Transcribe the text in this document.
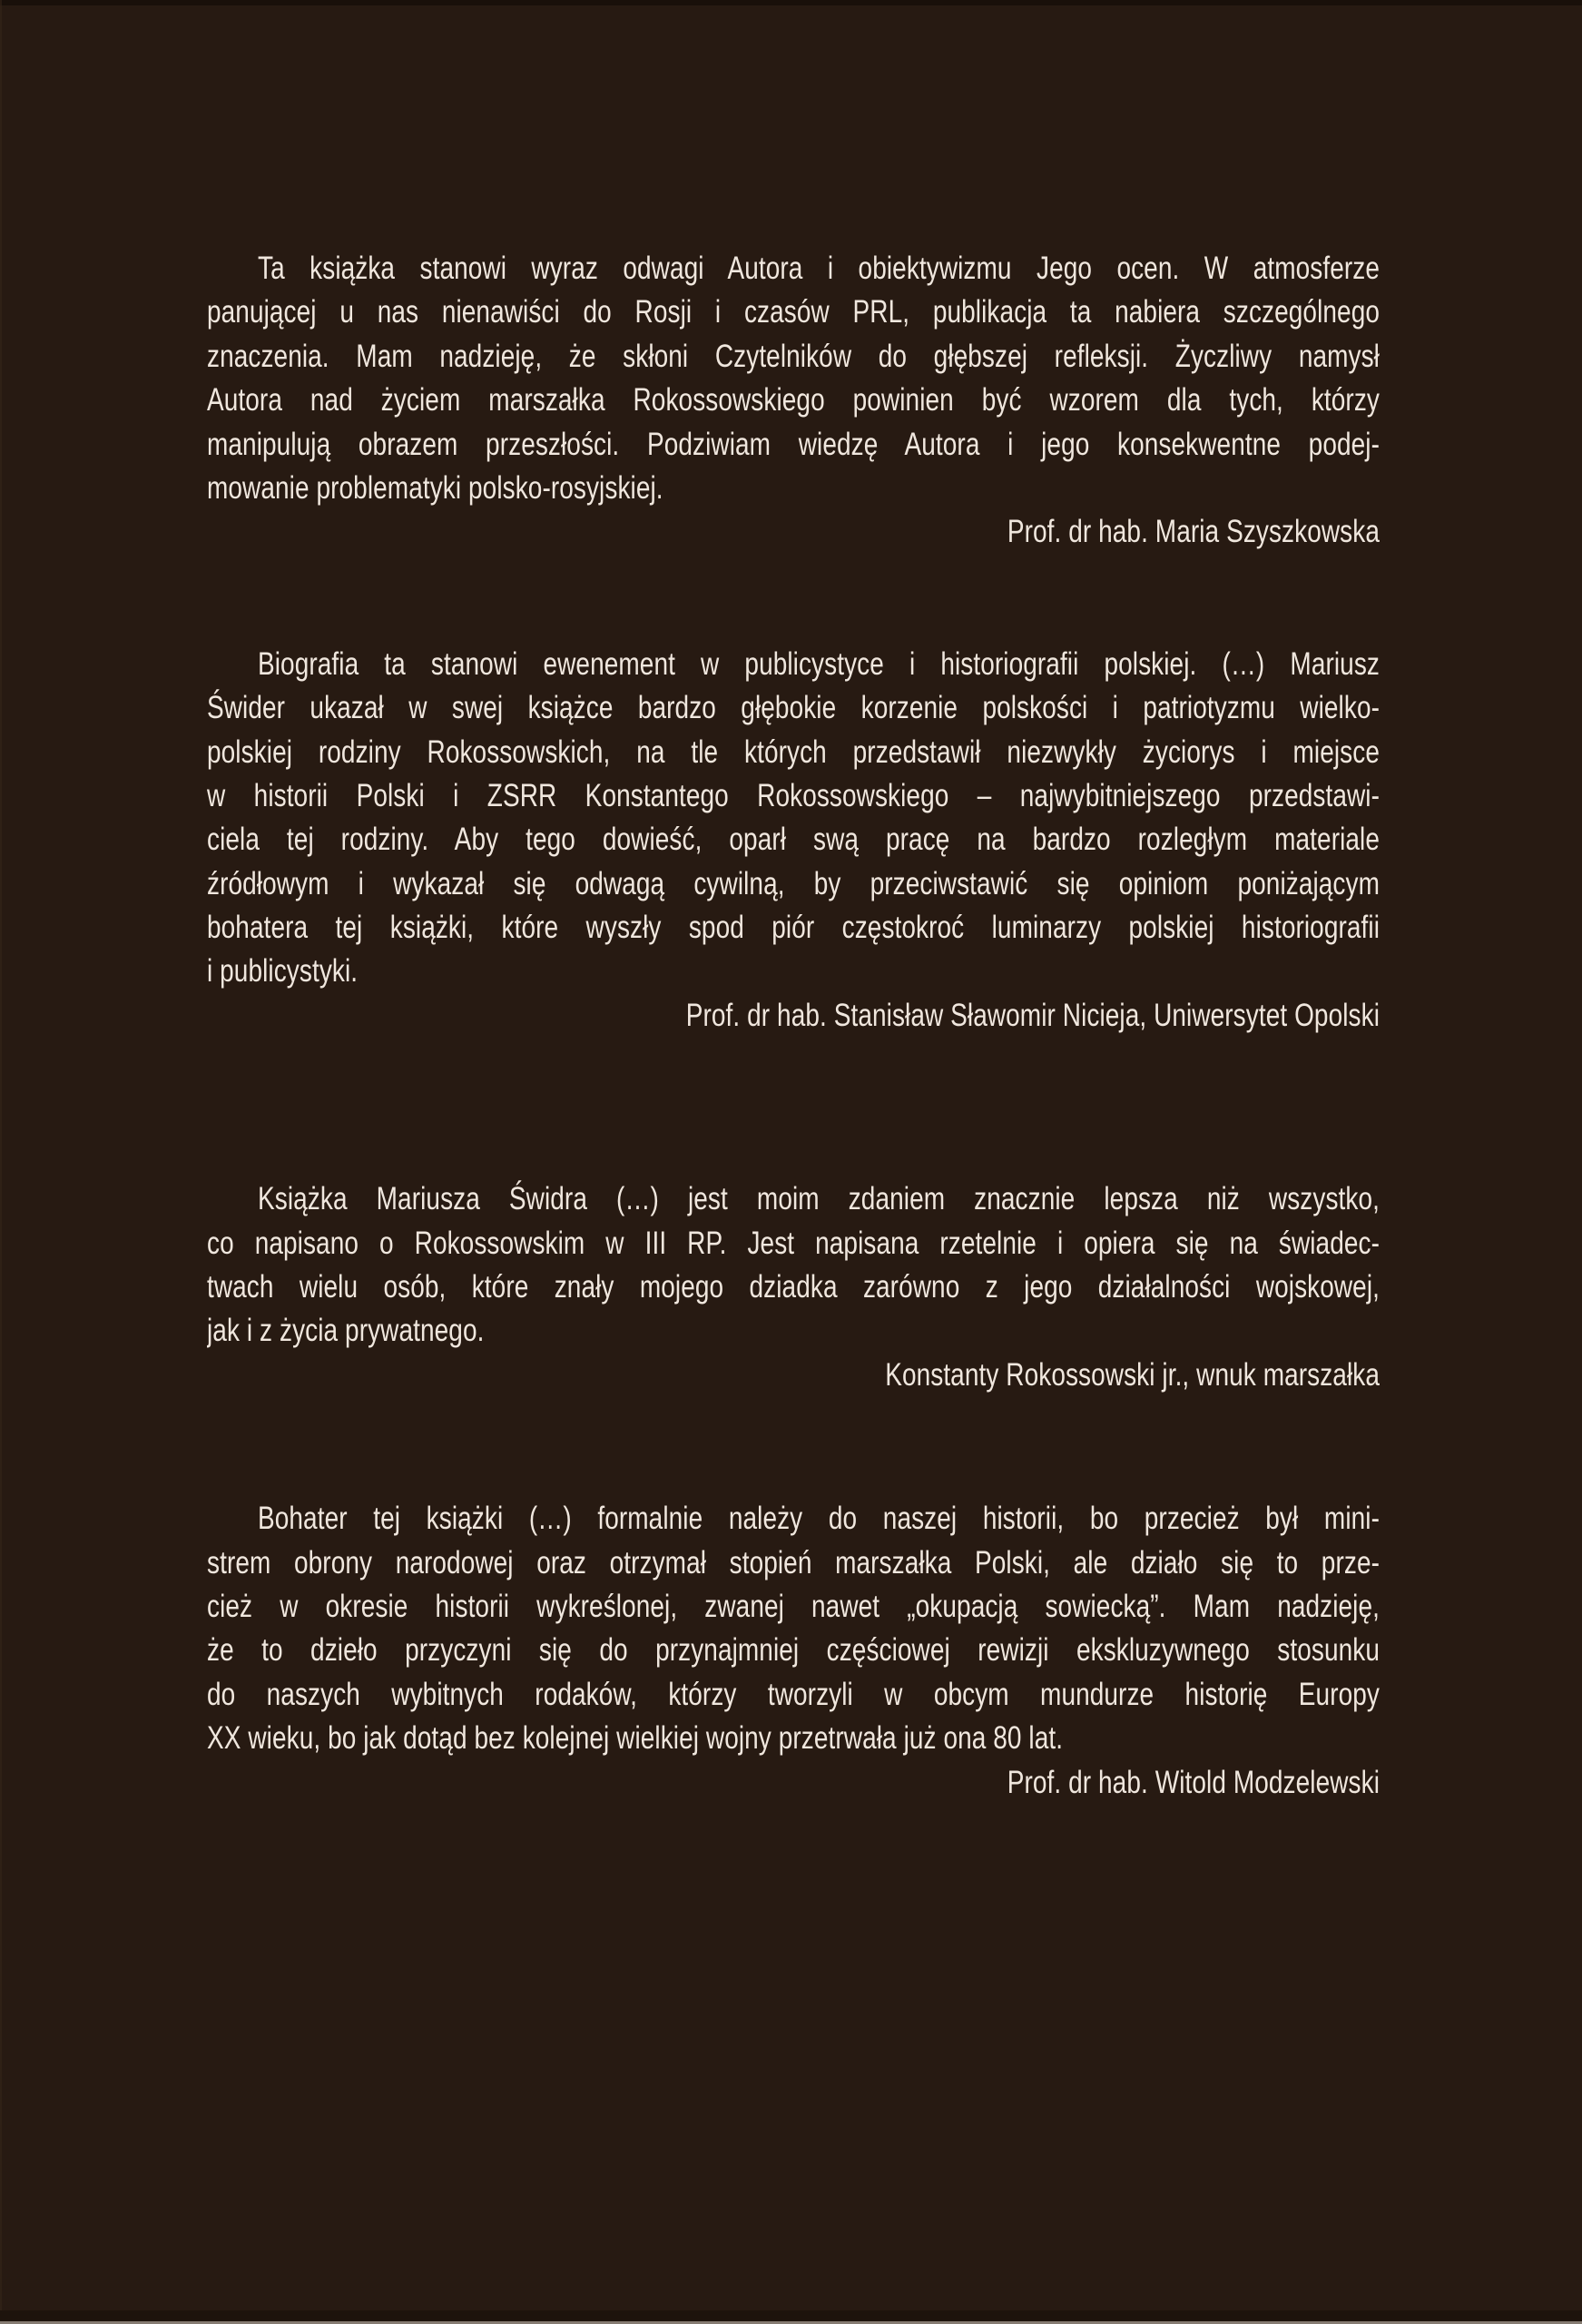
Ta książka stanowi wyraz odwagi Autora i obiektywizmu Jego ocen. W atmosferze
panującej u nas nienawiści do Rosji i czasów PRL, publikacja ta nabiera szczególnego
znaczenia. Mam nadzieję, że skłoni Czytelników do głębszej refleksji. Życzliwy namysł
Autora nad życiem marszałka Rokossowskiego powinien być wzorem dla tych, którzy
manipulują obrazem przeszłości. Podziwiam wiedzę Autora i jego konsekwentne podej-
mowanie problematyki polsko-rosyjskiej.
Prof. dr hab. Maria Szyszkowska
Biografia ta stanowi ewenement w publicystyce i historiografii polskiej. (…) Mariusz
Świder ukazał w swej książce bardzo głębokie korzenie polskości i patriotyzmu wielko-
polskiej rodziny Rokossowskich, na tle których przedstawił niezwykły życiorys i miejsce
w historii Polski i ZSRR Konstantego Rokossowskiego – najwybitniejszego przedstawi-
ciela tej rodziny. Aby tego dowieść, oparł swą pracę na bardzo rozległym materiale
źródłowym i wykazał się odwagą cywilną, by przeciwstawić się opiniom poniżającym
bohatera tej książki, które wyszły spod piór częstokroć luminarzy polskiej historiografii
i publicystyki.
Prof. dr hab. Stanisław Sławomir Nicieja, Uniwersytet Opolski
Książka Mariusza Świdra (…) jest moim zdaniem znacznie lepsza niż wszystko,
co napisano o Rokossowskim w III RP. Jest napisana rzetelnie i opiera się na świadec-
twach wielu osób, które znały mojego dziadka zarówno z jego działalności wojskowej,
jak i z życia prywatnego.
Konstanty Rokossowski jr., wnuk marszałka
Bohater tej książki (…) formalnie należy do naszej historii, bo przecież był mini-
strem obrony narodowej oraz otrzymał stopień marszałka Polski, ale działo się to prze-
cież w okresie historii wykreślonej, zwanej nawet „okupacją sowiecką”. Mam nadzieję,
że to dzieło przyczyni się do przynajmniej częściowej rewizji ekskluzywnego stosunku
do naszych wybitnych rodaków, którzy tworzyli w obcym mundurze historię Europy
XX wieku, bo jak dotąd bez kolejnej wielkiej wojny przetrwała już ona 80 lat.
Prof. dr hab. Witold Modzelewski
